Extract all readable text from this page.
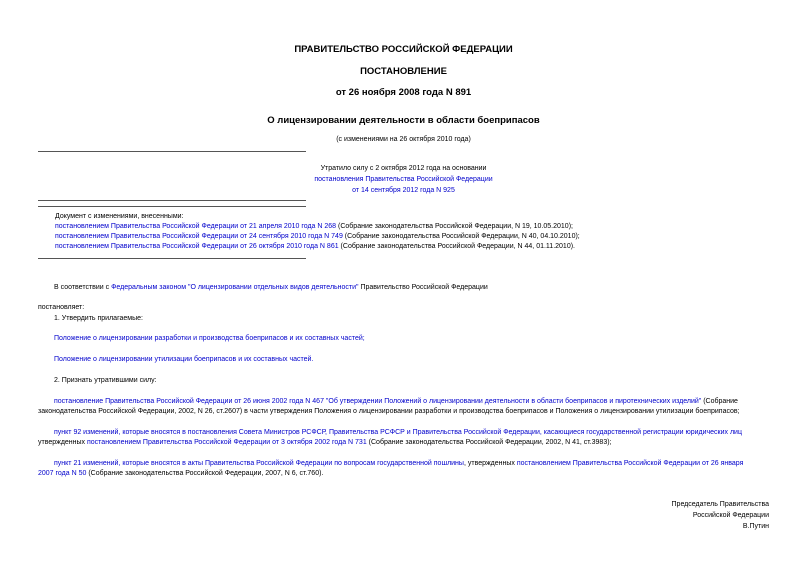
ПРАВИТЕЛЬСТВО РОССИЙСКОЙ ФЕДЕРАЦИИ
ПОСТАНОВЛЕНИЕ
от 26 ноября 2008 года N 891
О лицензировании деятельности в области боеприпасов
(с изменениями на 26 октября 2010 года)
Утратило силу с 2 октября 2012 года на основании
постановления Правительства Российской Федерации
от 14 сентября 2012 года N 925
Документ с изменениями, внесенными:
постановлением Правительства Российской Федерации от 21 апреля 2010 года N 268 (Собрание законодательства Российской Федерации, N 19, 10.05.2010);
постановлением Правительства Российской Федерации от 24 сентября 2010 года N 749 (Собрание законодательства Российской Федерации, N 40, 04.10.2010);
постановлением Правительства Российской Федерации от 26 октября 2010 года N 861 (Собрание законодательства Российской Федерации, N 44, 01.11.2010).
В соответствии с Федеральным законом "О лицензировании отдельных видов деятельности" Правительство Российской Федерации
постановляет:
1. Утвердить прилагаемые:
Положение о лицензировании разработки и производства боеприпасов и их составных частей;
Положение о лицензировании утилизации боеприпасов и их составных частей.
2. Признать утратившими силу:
постановление Правительства Российской Федерации от 26 июня 2002 года N 467 "Об утверждении Положений о лицензировании деятельности в области боеприпасов и пиротехнических изделий" (Собрание
законодательства Российской Федерации, 2002, N 26, ст.2607) в части утверждения Положения о лицензировании разработки и производства боеприпасов и Положения о лицензировании утилизации боеприпасов;
пункт 92 изменений, которые вносятся в постановления Совета Министров РСФСР, Правительства РСФСР и Правительства Российской Федерации, касающиеся государственной регистрации юридических лиц
утвержденных постановлением Правительства Российской Федерации от 3 октября 2002 года N 731 (Собрание законодательства Российской Федерации, 2002, N 41, ст.3983);
пункт 21 изменений, которые вносятся в акты Правительства Российской Федерации по вопросам государственной пошлины, утвержденных постановлением Правительства Российской Федерации от 26 января
2007 года N 50 (Собрание законодательства Российской Федерации, 2007, N 6, ст.760).
Председатель Правительства
Российской Федерации
В.Путин
